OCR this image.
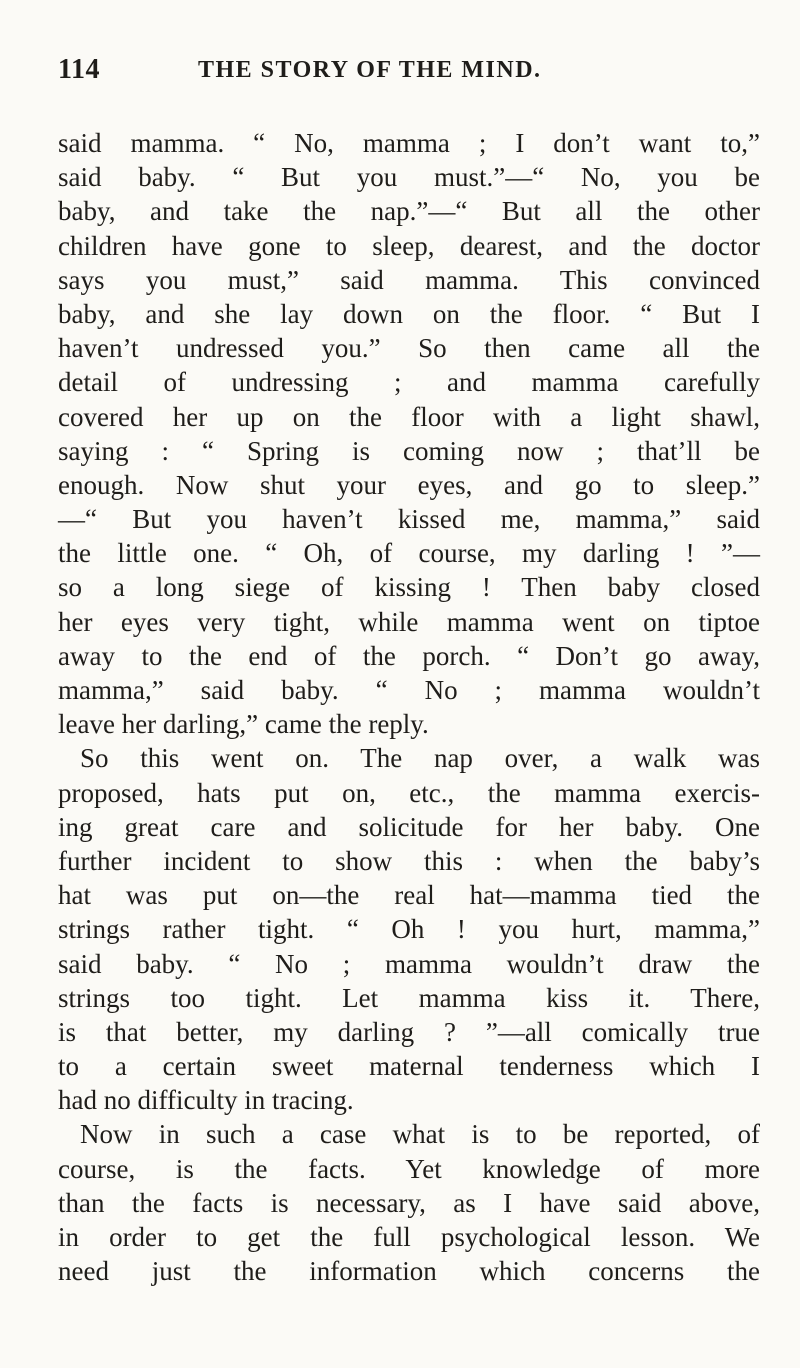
114	THE STORY OF THE MIND.
said mamma. “ No, mamma ; I don’t want to,”
said baby. “ But you must.”—“ No, you be
baby, and take the nap.”—“ But all the other
children have gone to sleep, dearest, and the doctor
says you must,” said mamma. This convinced
baby, and she lay down on the floor. “ But I
haven’t undressed you.” So then came all the
detail of undressing ; and mamma carefully
covered her up on the floor with a light shawl,
saying : “ Spring is coming now ; that’ll be
enough. Now shut your eyes, and go to sleep.”
—“ But you haven’t kissed me, mamma,” said
the little one. “ Oh, of course, my darling ! ”—
so a long siege of kissing ! Then baby closed
her eyes very tight, while mamma went on tiptoe
away to the end of the porch. “ Don’t go away,
mamma,” said baby. “ No ; mamma wouldn’t
leave her darling,” came the reply.
So this went on. The nap over, a walk was
proposed, hats put on, etc., the mamma exercis-
ing great care and solicitude for her baby. One
further incident to show this : when the baby’s
hat was put on—the real hat—mamma tied the
strings rather tight. “ Oh ! you hurt, mamma,”
said baby. “ No ; mamma wouldn’t draw the
strings too tight. Let mamma kiss it. There,
is that better, my darling ? ”—all comically true
to a certain sweet maternal tenderness which I
had no difficulty in tracing.
Now in such a case what is to be reported, of
course, is the facts. Yet knowledge of more
than the facts is necessary, as I have said above,
in order to get the full psychological lesson. We
need just the information which concerns the
